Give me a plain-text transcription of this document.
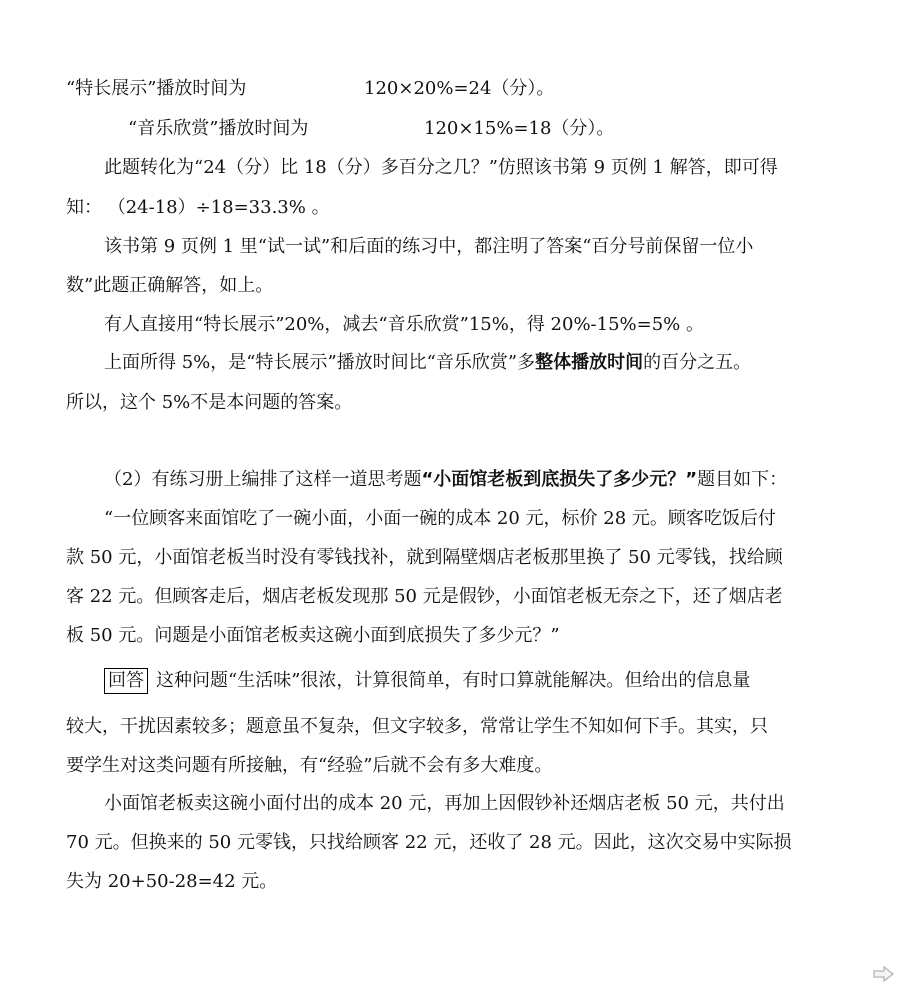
“特长展示”播放时间为	120×20%=24（分）。
“音乐欣赏”播放时间为	120×15%=18（分）。
此题转化为“24（分）比 18（分）多百分之几？”仿照该书第 9 页例 1 解答，即可得
知： （24-18）÷18=33.3% 。
该书第 9 页例 1 里“试一试”和后面的练习中，都注明了答案“百分号前保留一位小
数”此题正确解答，如上。
有人直接用“特长展示”20%，减去“音乐欣赏”15%，得 20%-15%=5% 。
上面所得 5%，是“特长展示”播放时间比“音乐欣赏”多整体播放时间的百分之五。
所以，这个 5%不是本问题的答案。
（2）有练习册上编排了这样一道思考题“小面馆老板到底损失了多少元？”题目如下：
“一位顾客来面馆吃了一碗小面，小面一碗的成本 20 元，标价 28 元。顾客吃饭后付
款 50 元，小面馆老板当时没有零钱找补，就到隔壁烟店老板那里换了 50 元零钱，找给顾
客 22 元。但顾客走后，烟店老板发现那 50 元是假钞，小面馆老板无奈之下，还了烟店老
板 50 元。问题是小面馆老板卖这碗小面到底损失了多少元？”
回答 这种问题“生活味”很浓，计算很简单，有时口算就能解决。但给出的信息量
较大，干扰因素较多；题意虽不复杂，但文字较多，常常让学生不知如何下手。其实，只
要学生对这类问题有所接触，有“经验”后就不会有多大难度。
小面馆老板卖这碗小面付出的成本 20 元，再加上因假钞补还烟店老板 50 元，共付出
70 元。但换来的 50 元零钱，只找给顾客 22 元，还收了 28 元。因此，这次交易中实际损
失为 20+50-28=42 元。
